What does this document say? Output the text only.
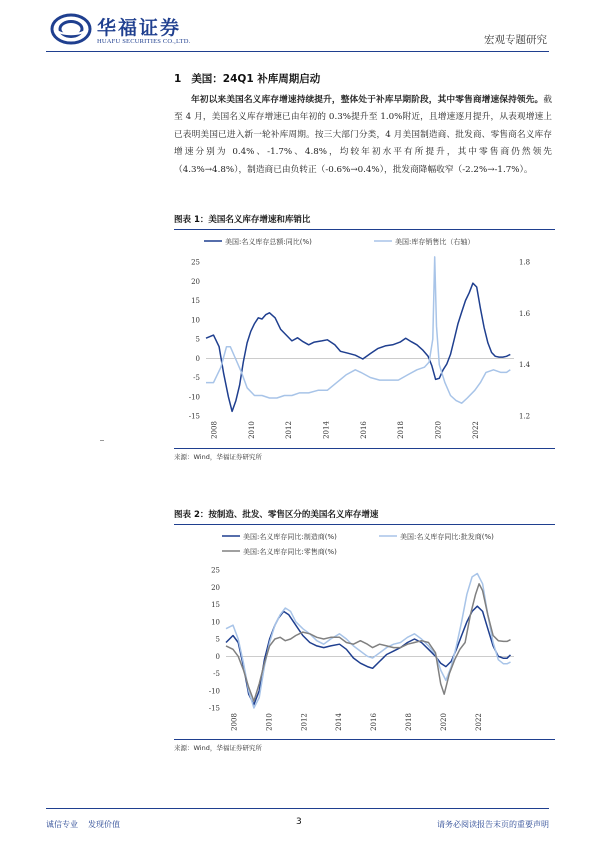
华福证券
HUAFU SECURITIES CO.,LTD.	宏观专题研究
1 美国：24Q1 补库周期启动

年初以来美国名义库存增速持续提升，整体处于补库早期阶段，其中零售商增速保持领先。截至 4 月，美国名义库存增速已由年初的 0.3%提升至 1.0%附近，且增速逐月提升，从表观增速上已表明美国已进入新一轮补库周期。按三大部门分类，4 月美国制造商、批发商、零售商名义库存增速分别为 0.4%、-1.7%、4.8%，均较年初水平有所提升，其中零售商仍然领先（4.3%→4.8%），制造商已由负转正（-0.6%→0.4%），批发商降幅收窄（-2.2%→-1.7%）。

图表 1：美国名义库存增速和库销比
美国:名义库存总额:同比(%)	美国:库存销售比（右轴）
-15
-10
-5
0
5
10
15
20
25
1.2
1.4
1.6
1.8
2008	2010	2012	2014	2016	2018	2020	2022
来源：Wind，华福证券研究所
图表 2：按制造、批发、零售区分的美国名义库存增速
美国:名义库存同比:制造商(%)	美国:名义库存同比:批发商(%)
美国:名义库存同比:零售商(%)
-15
-10
-5
0
5
10
15
20
25
2008	2010	2012	2014	2016	2018	2020	2022
来源：Wind，华福证券研究所
诚信专业 发现价值	3	请务必阅读报告末页的重要声明
